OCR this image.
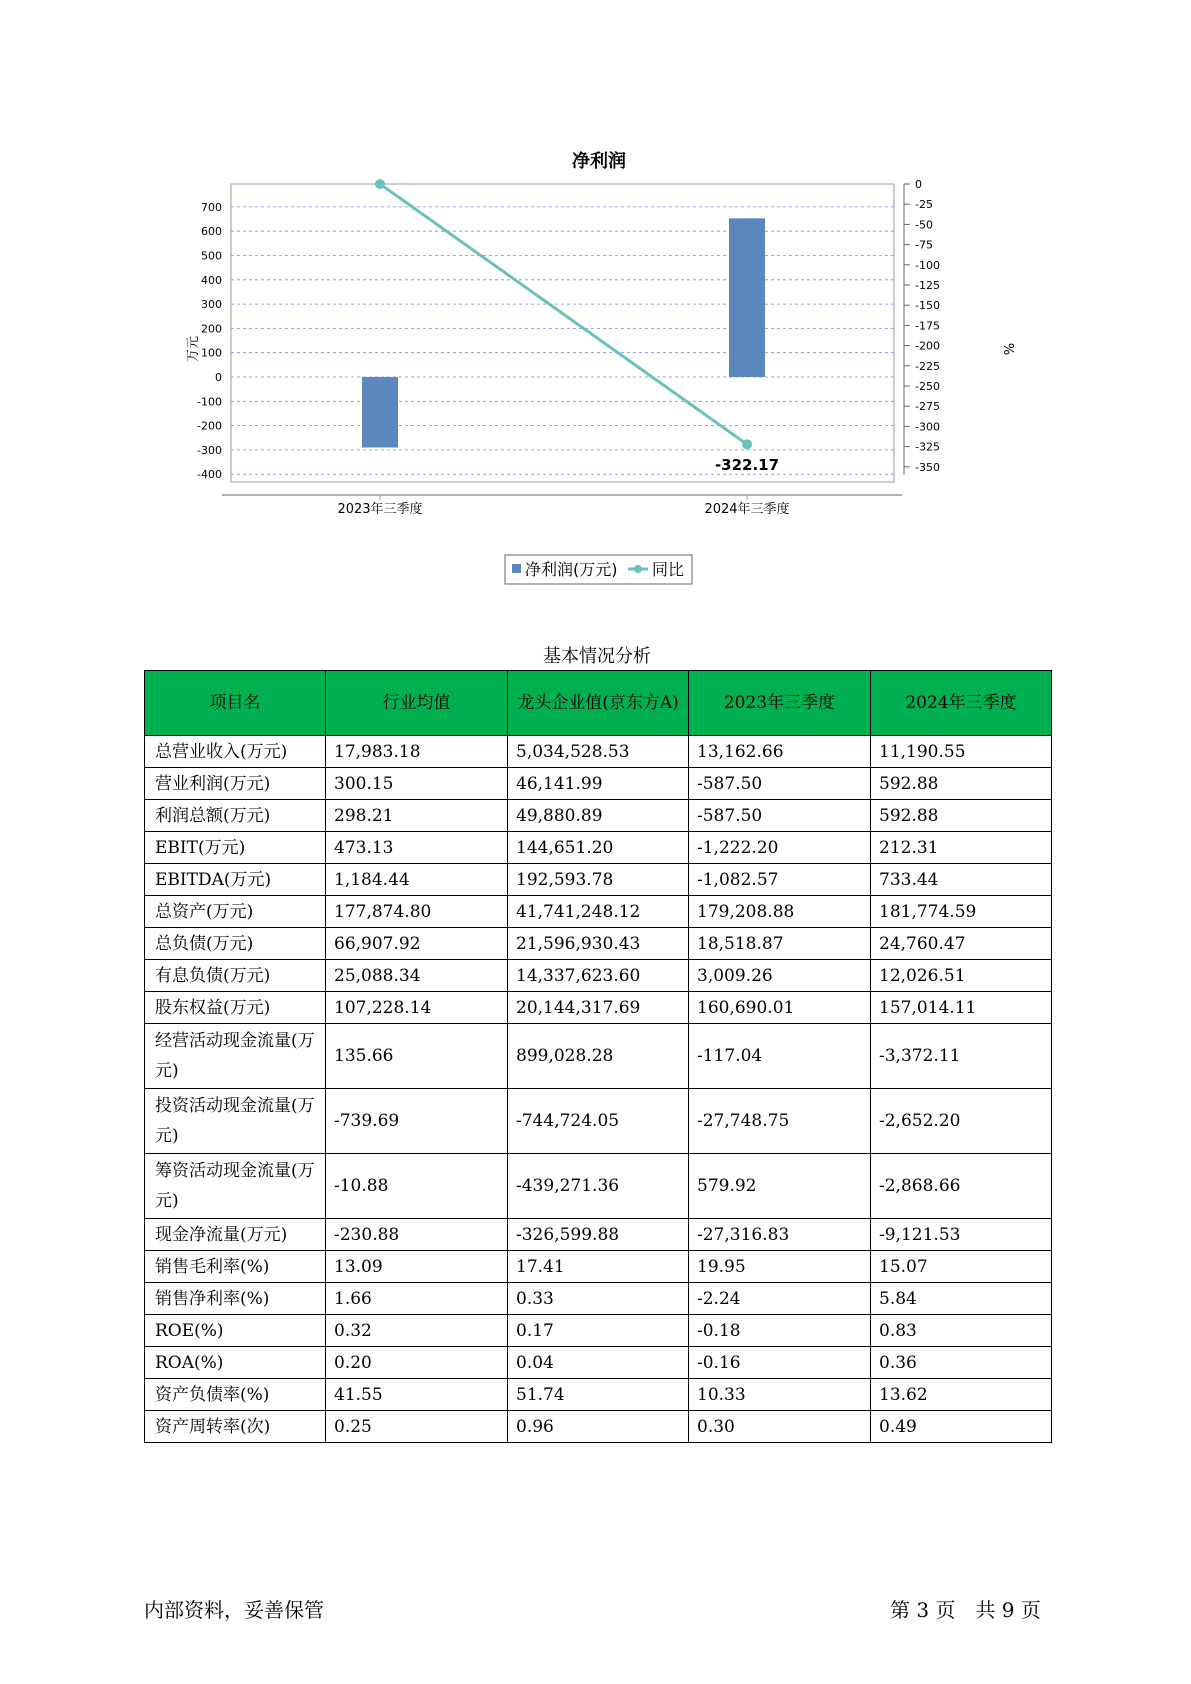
净利润
-400
-300
-200
-100
0
100
200
300
400
500
600
700
0
-25
-50
-75
-100
-125
-150
-175
-200
-225
-250
-275
-300
-325
-350
2023年三季度	2024年三季度
-322.17
万元	%
净利润(万元) 同比
基本情况分析
项目名	行业均值	龙头企业值(京东方A)	2023年三季度	2024年三季度
总营业收入(万元)	17,983.18	5,034,528.53	13,162.66	11,190.55
营业利润(万元)	300.15	46,141.99	-587.50	592.88
利润总额(万元)	298.21	49,880.89	-587.50	592.88
EBIT(万元)	473.13	144,651.20	-1,222.20	212.31
EBITDA(万元)	1,184.44	192,593.78	-1,082.57	733.44
总资产(万元)	177,874.80	41,741,248.12	179,208.88	181,774.59
总负债(万元)	66,907.92	21,596,930.43	18,518.87	24,760.47
有息负债(万元)	25,088.34	14,337,623.60	3,009.26	12,026.51
股东权益(万元)	107,228.14	20,144,317.69	160,690.01	157,014.11
经营活动现金流量(万元)	135.66	899,028.28	-117.04	-3,372.11
投资活动现金流量(万元)	-739.69	-744,724.05	-27,748.75	-2,652.20
筹资活动现金流量(万元)	-10.88	-439,271.36	579.92	-2,868.66
现金净流量(万元)	-230.88	-326,599.88	-27,316.83	-9,121.53
销售毛利率(%)	13.09	17.41	19.95	15.07
销售净利率(%)	1.66	0.33	-2.24	5.84
ROE(%)	0.32	0.17	-0.18	0.83
ROA(%)	0.20	0.04	-0.16	0.36
资产负债率(%)	41.55	51.74	10.33	13.62
资产周转率(次)	0.25	0.96	0.30	0.49
内部资料，妥善保管	第 3 页　共 9 页
